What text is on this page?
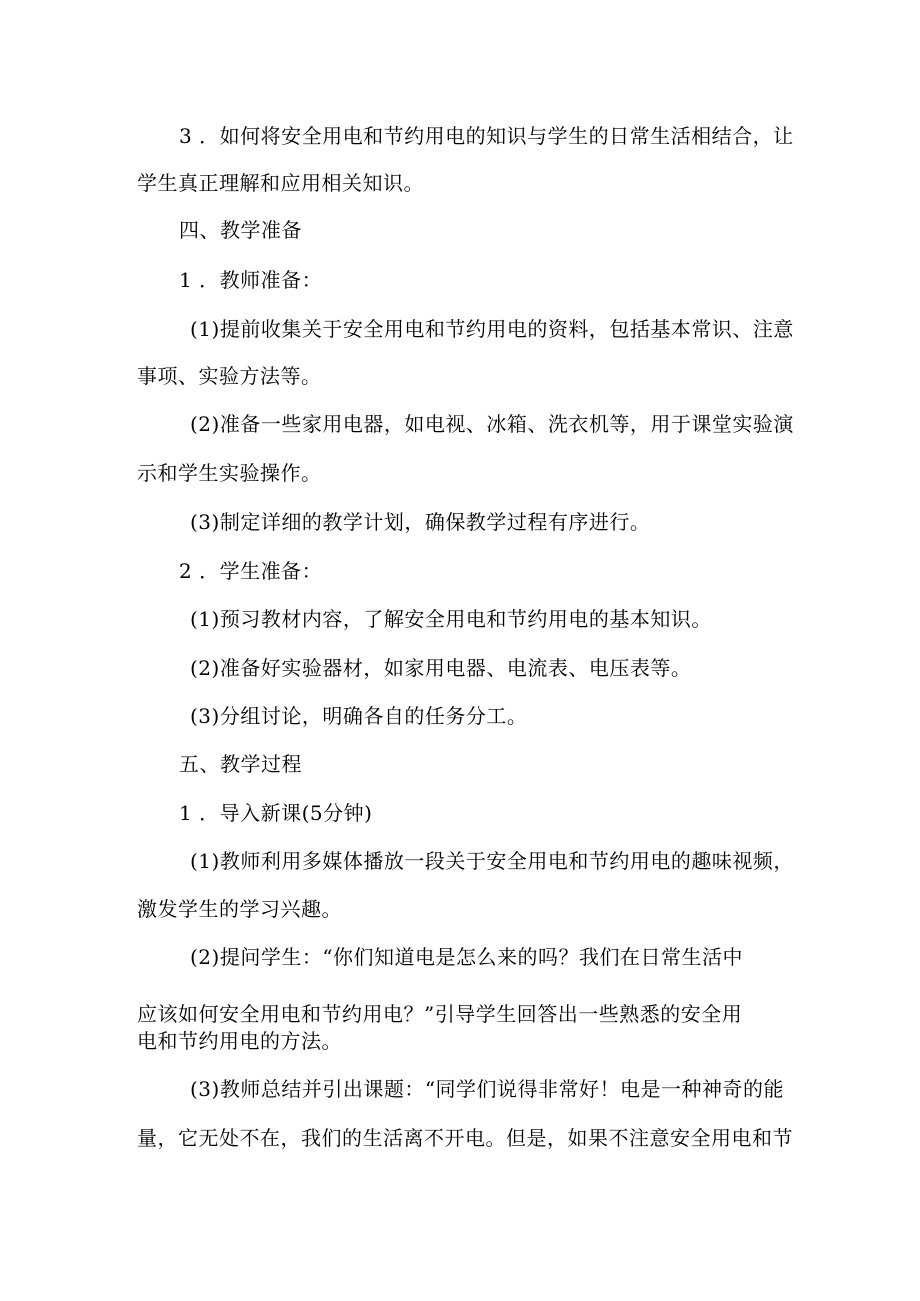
3 ．如何将安全用电和节约用电的知识与学生的日常生活相结合，让
学生真正理解和应用相关知识。
四、教学准备
1 ．教师准备：
(1)提前收集关于安全用电和节约用电的资料，包括基本常识、注意
事项、实验方法等。
(2)准备一些家用电器，如电视、冰箱、洗衣机等，用于课堂实验演
示和学生实验操作。
(3)制定详细的教学计划，确保教学过程有序进行。
2 ．学生准备：
(1)预习教材内容，了解安全用电和节约用电的基本知识。
(2)准备好实验器材，如家用电器、电流表、电压表等。
(3)分组讨论，明确各自的任务分工。
五、教学过程
1 ．导入新课(5分钟)
(1)教师利用多媒体播放一段关于安全用电和节约用电的趣味视频，
激发学生的学习兴趣。
(2)提问学生：“你们知道电是怎么来的吗？我们在日常生活中
应该如何安全用电和节约用电？”引导学生回答出一些熟悉的安全用
电和节约用电的方法。
(3)教师总结并引出课题：“同学们说得非常好！电是一种神奇的能
量，它无处不在，我们的生活离不开电。但是，如果不注意安全用电和节
